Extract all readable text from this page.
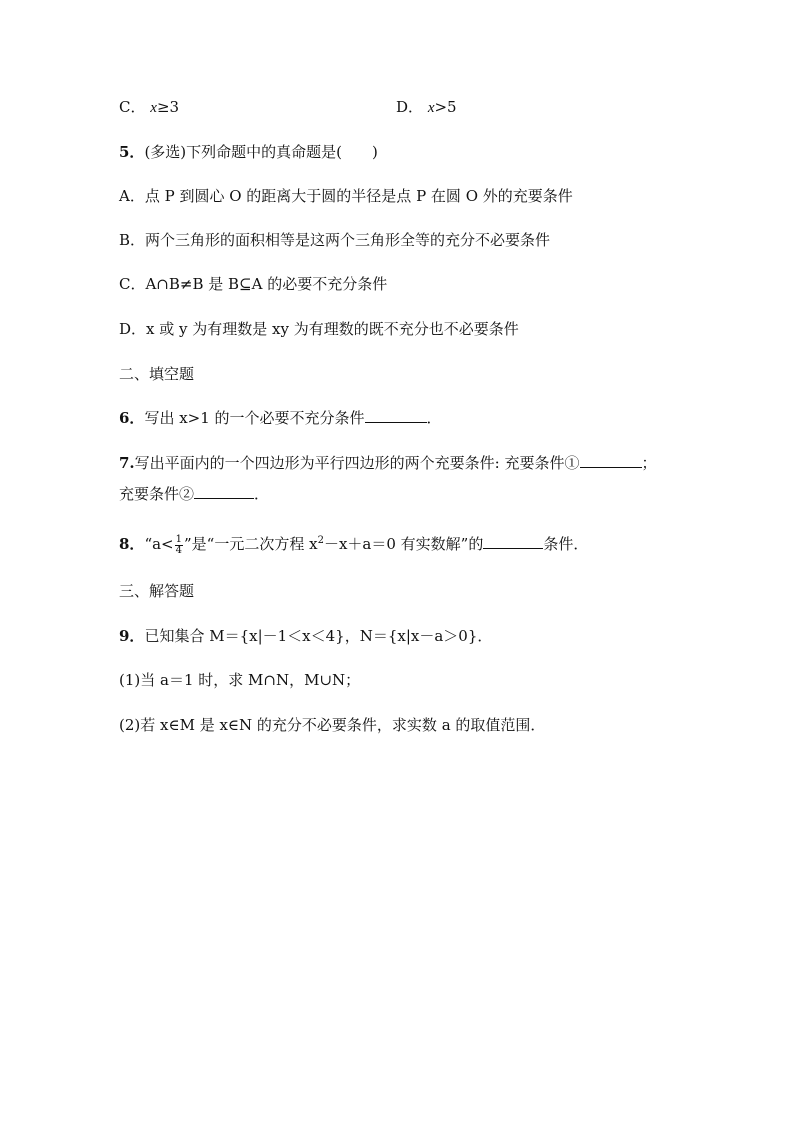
C． x≥3	D． x>5
5．(多选)下列命题中的真命题是(　　)
A．点 P 到圆心 O 的距离大于圆的半径是点 P 在圆 O 外的充要条件
B．两个三角形的面积相等是这两个三角形全等的充分不必要条件
C．A∩B≠B 是 B⊆A 的必要不充分条件
D．x 或 y 为有理数是 xy 为有理数的既不充分也不必要条件
二、填空题
6．写出 x>1 的一个必要不充分条件	．
7.写出平面内的一个四边形为平行四边形的两个充要条件: 充要条件①	；
充要条件②	．
8．“$a< \frac{1}{4}$ ”是“一元二次方程 $x^2-x+a=0$ 有实数解”的	条件．
三、解答题
9．已知集合 M＝{x|－1＜x＜4}，N＝{x|x－a＞0}．
(1)当 a＝1 时，求 M∩N，M∪N；
(2)若 x∈M 是 x∈N 的充分不必要条件，求实数 a 的取值范围．
